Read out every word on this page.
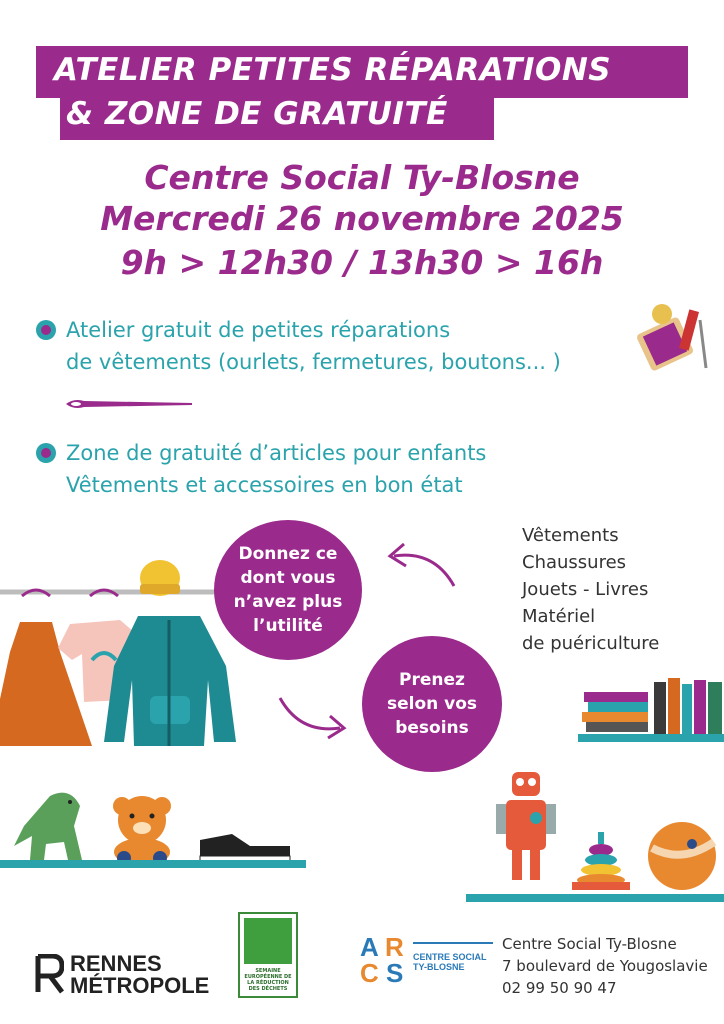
ATELIER PETITES RÉPARATIONS
& ZONE DE GRATUITÉ
Centre Social Ty-Blosne
Mercredi 26 novembre 2025
9h > 12h30 / 13h30 > 16h
Atelier gratuit de petites réparations
de vêtements (ourlets, fermetures, boutons... )
Zone de gratuité d’articles pour enfants
Vêtements et accessoires en bon état
Donnez ce
dont vous
n’avez plus
l’utilité
Prenez
selon vos
besoins
Vêtements
Chaussures
Jouets - Livres
Matériel
de puériculture
RENNES
MÉTROPOLE
SEMAINE EUROPÉENNE DE LA RÉDUCTION DES DÉCHETS
A R
C S
CENTRE SOCIAL
TY-BLOSNE
Centre Social Ty-Blosne
7 boulevard de Yougoslavie
02 99 50 90 47
